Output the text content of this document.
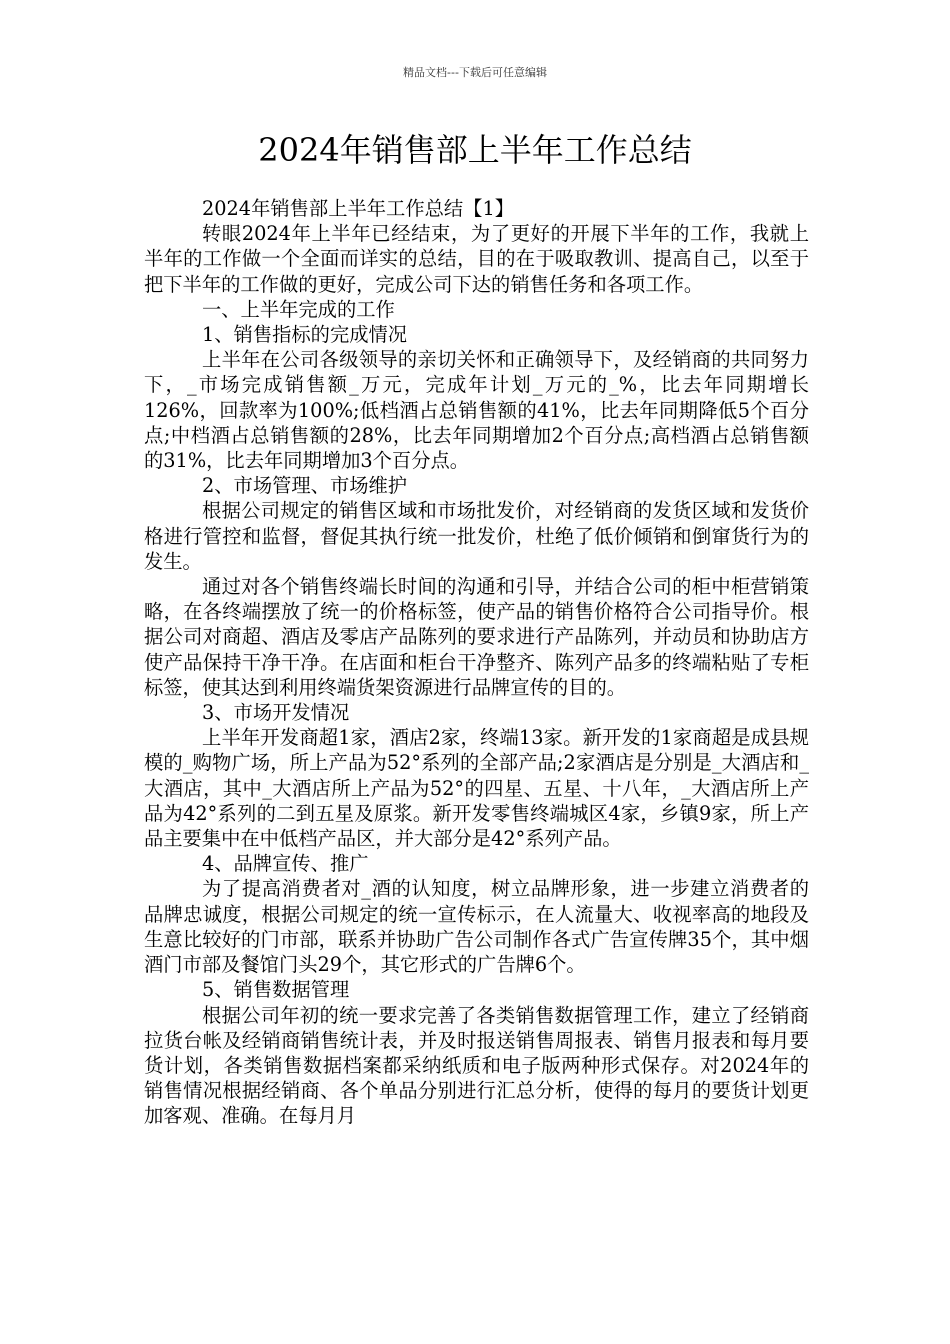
精品文档---下载后可任意编辑
2024年销售部上半年工作总结

2024年销售部上半年工作总结【1】

转眼2024年上半年已经结束，为了更好的开展下半年的工作，我就上半年的工作做一个全面而详实的总结，目的在于吸取教训、提高自己，以至于把下半年的工作做的更好，完成公司下达的销售任务和各项工作。

一、上半年完成的工作

1、销售指标的完成情况

上半年在公司各级领导的亲切关怀和正确领导下，及经销商的共同努力下，_市场完成销售额_万元，完成年计划_万元的_%，比去年同期增长126%，回款率为100%;低档酒占总销售额的41%，比去年同期降低5个百分点;中档酒占总销售额的28%，比去年同期增加2个百分点;高档酒占总销售额的31%，比去年同期增加3个百分点。

2、市场管理、市场维护

根据公司规定的销售区域和市场批发价，对经销商的发货区域和发货价格进行管控和监督，督促其执行统一批发价，杜绝了低价倾销和倒窜货行为的发生。

通过对各个销售终端长时间的沟通和引导，并结合公司的柜中柜营销策略，在各终端摆放了统一的价格标签，使产品的销售价格符合公司指导价。根据公司对商超、酒店及零店产品陈列的要求进行产品陈列，并动员和协助店方使产品保持干净干净。在店面和柜台干净整齐、陈列产品多的终端粘贴了专柜标签，使其达到利用终端货架资源进行品牌宣传的目的。

3、市场开发情况

上半年开发商超1家，酒店2家，终端13家。新开发的1家商超是成县规模的_购物广场，所上产品为52°系列的全部产品;2家酒店是分别是_大酒店和_大酒店，其中_大酒店所上产品为52°的四星、五星、十八年，_大酒店所上产品为42°系列的二到五星及原浆。新开发零售终端城区4家，乡镇9家，所上产品主要集中在中低档产品区，并大部分是42°系列产品。

4、品牌宣传、推广

为了提高消费者对_酒的认知度，树立品牌形象，进一步建立消费者的品牌忠诚度，根据公司规定的统一宣传标示，在人流量大、收视率高的地段及生意比较好的门市部，联系并协助广告公司制作各式广告宣传牌35个，其中烟酒门市部及餐馆门头29个，其它形式的广告牌6个。

5、销售数据管理

根据公司年初的统一要求完善了各类销售数据管理工作，建立了经销商拉货台帐及经销商销售统计表，并及时报送销售周报表、销售月报表和每月要货计划，各类销售数据档案都采纳纸质和电子版两种形式保存。对2024年的销售情况根据经销商、各个单品分别进行汇总分析，使得的每月的要货计划更加客观、准确。在每月月
